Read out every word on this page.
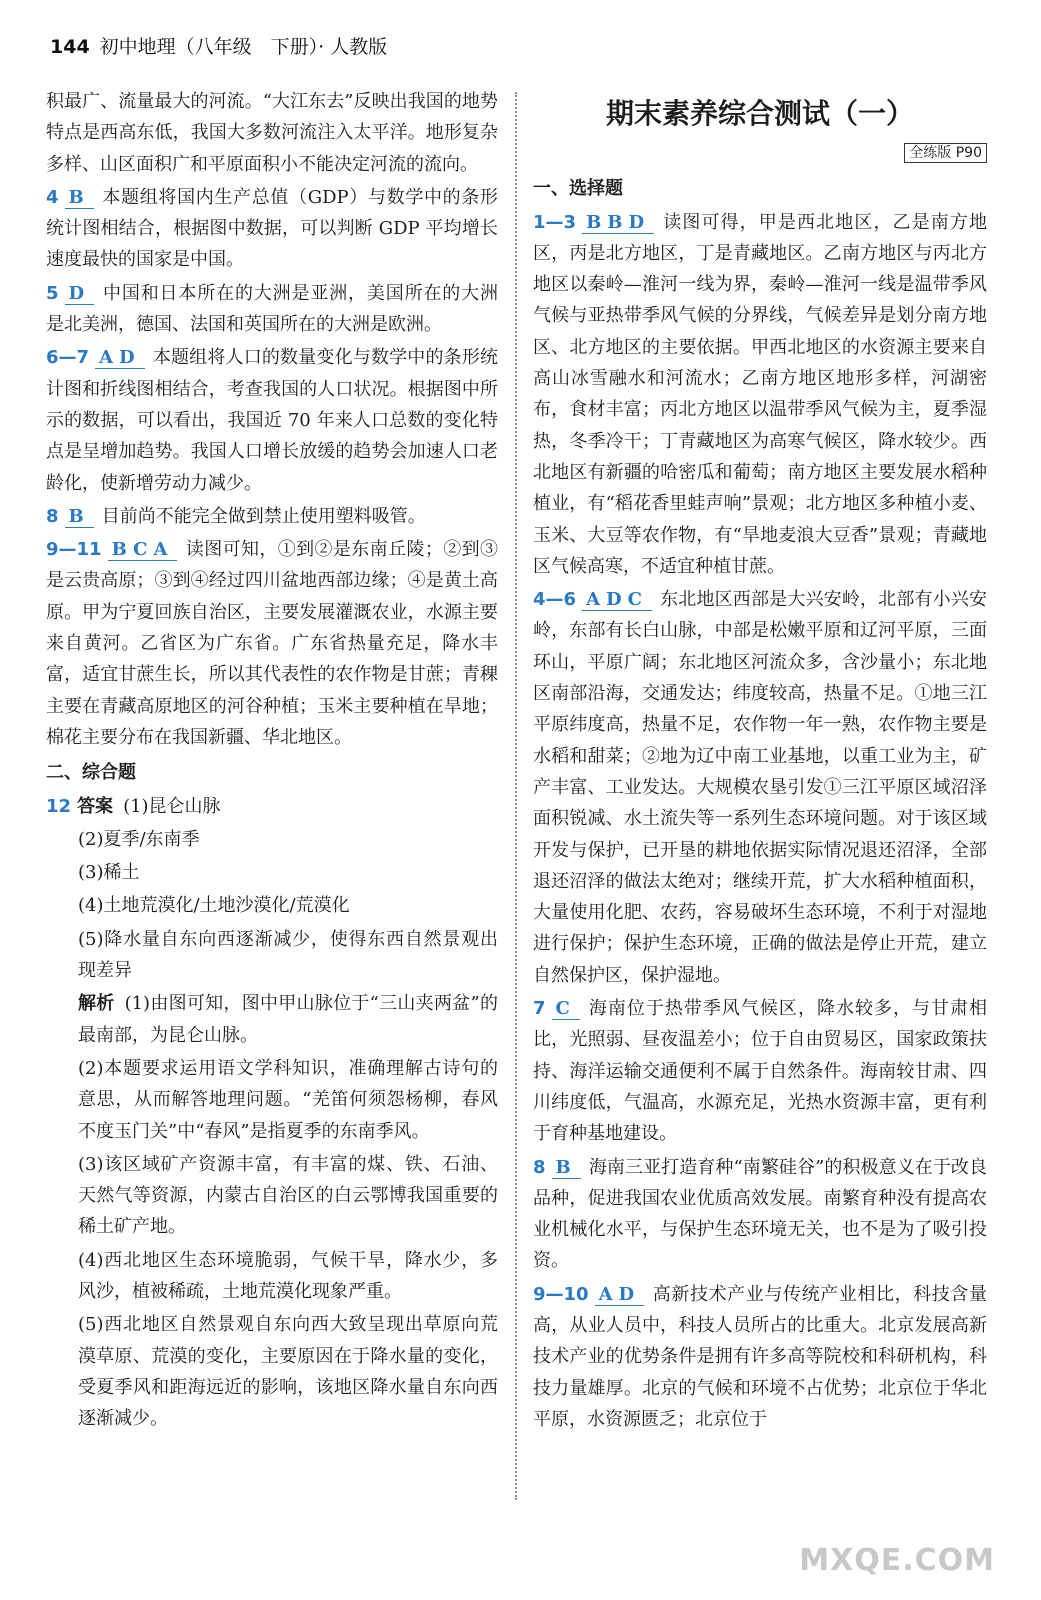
144 初中地理（八年级　下册）· 人教版
积最广、流量最大的河流。“大江东去”反映出我国的地势特点是西高东低，我国大多数河流注入太平洋。地形复杂多样、山区面积广和平原面积小不能决定河流的流向。
4 B 本题组将国内生产总值（GDP）与数学中的条形统计图相结合，根据图中数据，可以判断 GDP 平均增长速度最快的国家是中国。
5 D 中国和日本所在的大洲是亚洲，美国所在的大洲是北美洲，德国、法国和英国所在的大洲是欧洲。
6—7 AD 本题组将人口的数量变化与数学中的条形统计图和折线图相结合，考查我国的人口状况。根据图中所示的数据，可以看出，我国近 70 年来人口总数的变化特点是呈增加趋势。我国人口增长放缓的趋势会加速人口老龄化，使新增劳动力减少。
8 B 目前尚不能完全做到禁止使用塑料吸管。
9—11 BCA 读图可知，①到②是东南丘陵；②到③是云贵高原；③到④经过四川盆地西部边缘；④是黄土高原。甲为宁夏回族自治区，主要发展灌溉农业，水源主要来自黄河。乙省区为广东省。广东省热量充足，降水丰富，适宜甘蔗生长，所以其代表性的农作物是甘蔗；青稞主要在青藏高原地区的河谷种植；玉米主要种植在旱地；棉花主要分布在我国新疆、华北地区。
二、综合题
12 答案 (1)昆仑山脉
(2)夏季/东南季
(3)稀土
(4)土地荒漠化/土地沙漠化/荒漠化
(5)降水量自东向西逐渐减少，使得东西自然景观出现差异
解析 (1)由图可知，图中甲山脉位于“三山夹两盆”的最南部，为昆仑山脉。
(2)本题要求运用语文学科知识，准确理解古诗句的意思，从而解答地理问题。“羌笛何须怨杨柳，春风不度玉门关”中“春风”是指夏季的东南季风。
(3)该区域矿产资源丰富，有丰富的煤、铁、石油、天然气等资源，内蒙古自治区的白云鄂博我国重要的稀土矿产地。
(4)西北地区生态环境脆弱，气候干旱，降水少，多风沙，植被稀疏，土地荒漠化现象严重。
(5)西北地区自然景观自东向西大致呈现出草原向荒漠草原、荒漠的变化，主要原因在于降水量的变化，受夏季风和距海远近的影响，该地区降水量自东向西逐渐减少。
期末素养综合测试（一）
全练版 P90
一、选择题
1—3 BBD 读图可得，甲是西北地区，乙是南方地区，丙是北方地区，丁是青藏地区。乙南方地区与丙北方地区以秦岭—淮河一线为界，秦岭—淮河一线是温带季风气候与亚热带季风气候的分界线，气候差异是划分南方地区、北方地区的主要依据。甲西北地区的水资源主要来自高山冰雪融水和河流水；乙南方地区地形多样，河湖密布，食材丰富；丙北方地区以温带季风气候为主，夏季湿热，冬季冷干；丁青藏地区为高寒气候区，降水较少。西北地区有新疆的哈密瓜和葡萄；南方地区主要发展水稻种植业，有“稻花香里蛙声响”景观；北方地区多种植小麦、玉米、大豆等农作物，有“旱地麦浪大豆香”景观；青藏地区气候高寒，不适宜种植甘蔗。
4—6 ADC 东北地区西部是大兴安岭，北部有小兴安岭，东部有长白山脉，中部是松嫩平原和辽河平原，三面环山，平原广阔；东北地区河流众多，含沙量小；东北地区南部沿海，交通发达；纬度较高，热量不足。①地三江平原纬度高，热量不足，农作物一年一熟，农作物主要是水稻和甜菜；②地为辽中南工业基地，以重工业为主，矿产丰富、工业发达。大规模农垦引发①三江平原区域沼泽面积锐减、水土流失等一系列生态环境问题。对于该区域开发与保护，已开垦的耕地依据实际情况退还沼泽，全部退还沼泽的做法太绝对；继续开荒，扩大水稻种植面积，大量使用化肥、农药，容易破坏生态环境，不利于对湿地进行保护；保护生态环境，正确的做法是停止开荒，建立自然保护区，保护湿地。
7 C 海南位于热带季风气候区，降水较多，与甘肃相比，光照弱、昼夜温差小；位于自由贸易区，国家政策扶持、海洋运输交通便利不属于自然条件。海南较甘肃、四川纬度低，气温高，水源充足，光热水资源丰富，更有利于育种基地建设。
8 B 海南三亚打造育种“南繁硅谷”的积极意义在于改良品种，促进我国农业优质高效发展。南繁育种没有提高农业机械化水平，与保护生态环境无关，也不是为了吸引投资。
9—10 AD 高新技术产业与传统产业相比，科技含量高，从业人员中，科技人员所占的比重大。北京发展高新技术产业的优势条件是拥有许多高等院校和科研机构，科技力量雄厚。北京的气候和环境不占优势；北京位于华北平原，水资源匮乏；北京位于
MXQE.COM
